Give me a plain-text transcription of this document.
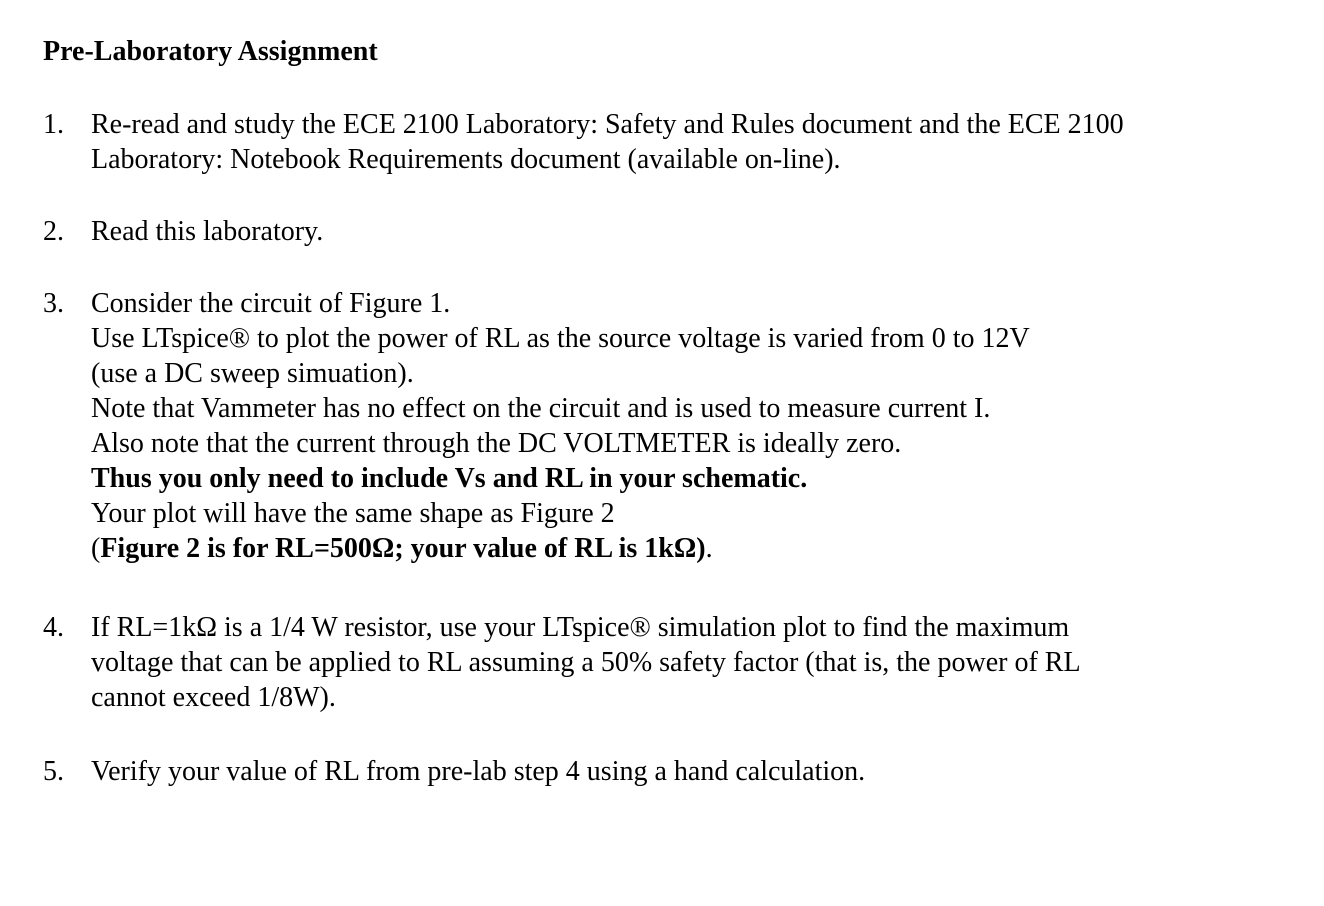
Pre-Laboratory Assignment
1. Re-read and study the ECE 2100 Laboratory: Safety and Rules document and the ECE 2100
Laboratory: Notebook Requirements document (available on-line).
2. Read this laboratory.
3. Consider the circuit of Figure 1.
Use LTspice® to plot the power of RL as the source voltage is varied from 0 to 12V
(use a DC sweep simuation).
Note that Vammeter has no effect on the circuit and is used to measure current I.
Also note that the current through the DC VOLTMETER is ideally zero.
Thus you only need to include Vs and RL in your schematic.
Your plot will have the same shape as Figure 2
(Figure 2 is for RL=500Ω; your value of RL is 1kΩ).
4. If RL=1kΩ is a 1/4 W resistor, use your LTspice® simulation plot to find the maximum
voltage that can be applied to RL assuming a 50% safety factor (that is, the power of RL
cannot exceed 1/8W).
5. Verify your value of RL from pre-lab step 4 using a hand calculation.
